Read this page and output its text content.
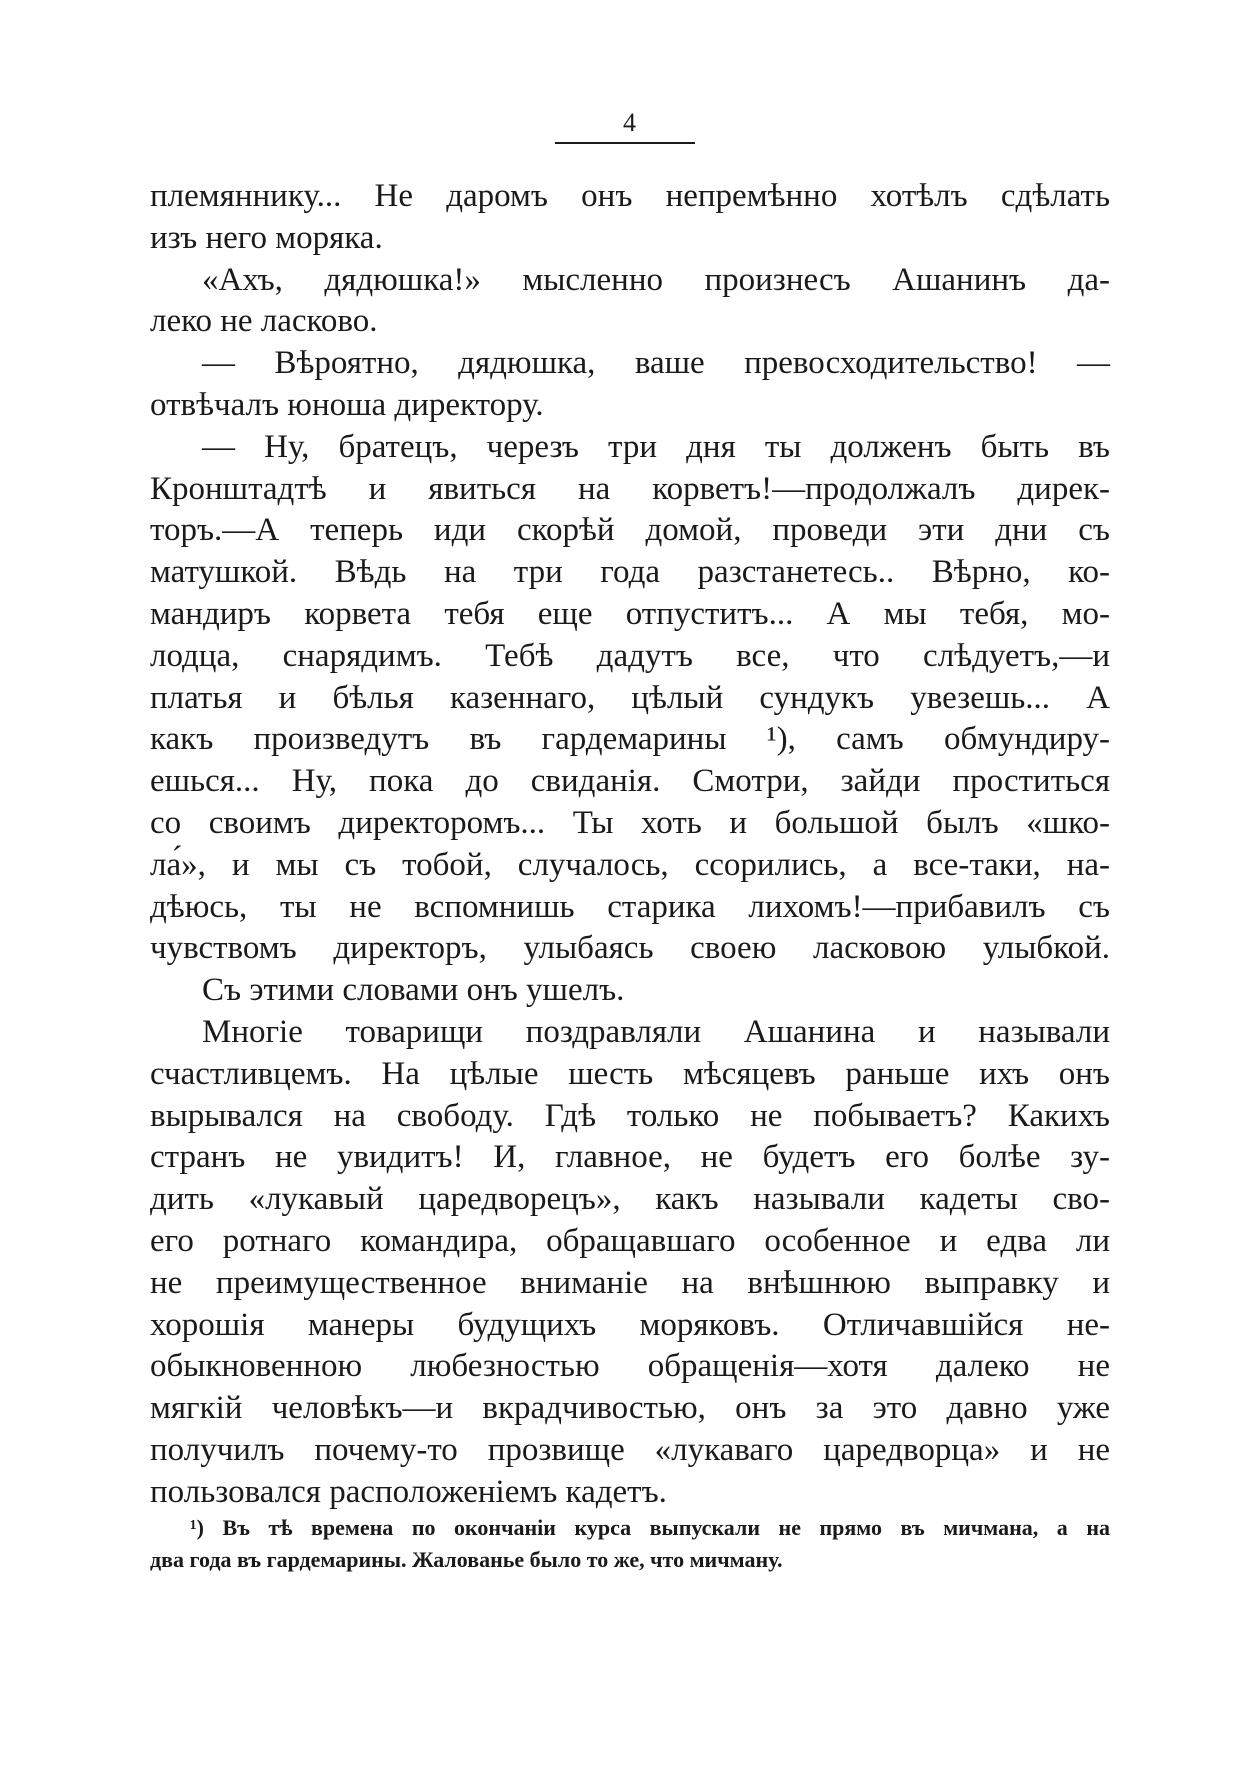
4
племяннику... Не даромъ онъ непремѣнно хотѣлъ сдѣлать
изъ него моряка.
«Ахъ, дядюшка!» мысленно произнесъ Ашанинъ да-
леко не ласково.
— Вѣроятно, дядюшка, ваше превосходительство! —
отвѣчалъ юноша директору.
— Ну, братецъ, черезъ три дня ты долженъ быть въ
Кронштадтѣ и явиться на корветъ!—продолжалъ дирек-
торъ.—А теперь иди скорѣй домой, проведи эти дни съ
матушкой. Вѣдь на три года разстанетесь.. Вѣрно, ко-
мандиръ корвета тебя еще отпуститъ... А мы тебя, мо-
лодца, снарядимъ. Тебѣ дадутъ все, что слѣдуетъ,—и
платья и бѣлья казеннаго, цѣлый сундукъ увезешь... А
какъ произведутъ въ гардемарины ¹), самъ обмундиру-
ешься... Ну, пока до свиданія. Смотри, зайди проститься
со своимъ директоромъ... Ты хоть и большой былъ «шко-
ла́», и мы съ тобой, случалось, ссорились, а все-таки, на-
дѣюсь, ты не вспомнишь старика лихомъ!—прибавилъ съ
чувствомъ директоръ, улыбаясь своею ласковою улыбкой.
Съ этими словами онъ ушелъ.
Многіе товарищи поздравляли Ашанина и называли
счастливцемъ. На цѣлые шесть мѣсяцевъ раньше ихъ онъ
вырывался на свободу. Гдѣ только не побываетъ? Какихъ
странъ не увидитъ! И, главное, не будетъ его болѣе зу-
дить «лукавый царедворецъ», какъ называли кадеты сво-
его ротнаго командира, обращавшаго особенное и едва ли
не преимущественное вниманіе на внѣшнюю выправку и
хорошія манеры будущихъ моряковъ. Отличавшійся не-
обыкновенною любезностью обращенія—хотя далеко не
мягкій человѣкъ—и вкрадчивостью, онъ за это давно уже
получилъ почему-то прозвище «лукаваго царедворца» и не
пользовался расположеніемъ кадетъ.
¹) Въ тѣ времена по окончаніи курса выпускали не прямо въ мичмана, а на
два года въ гардемарины. Жалованье было то же, что мичману.
